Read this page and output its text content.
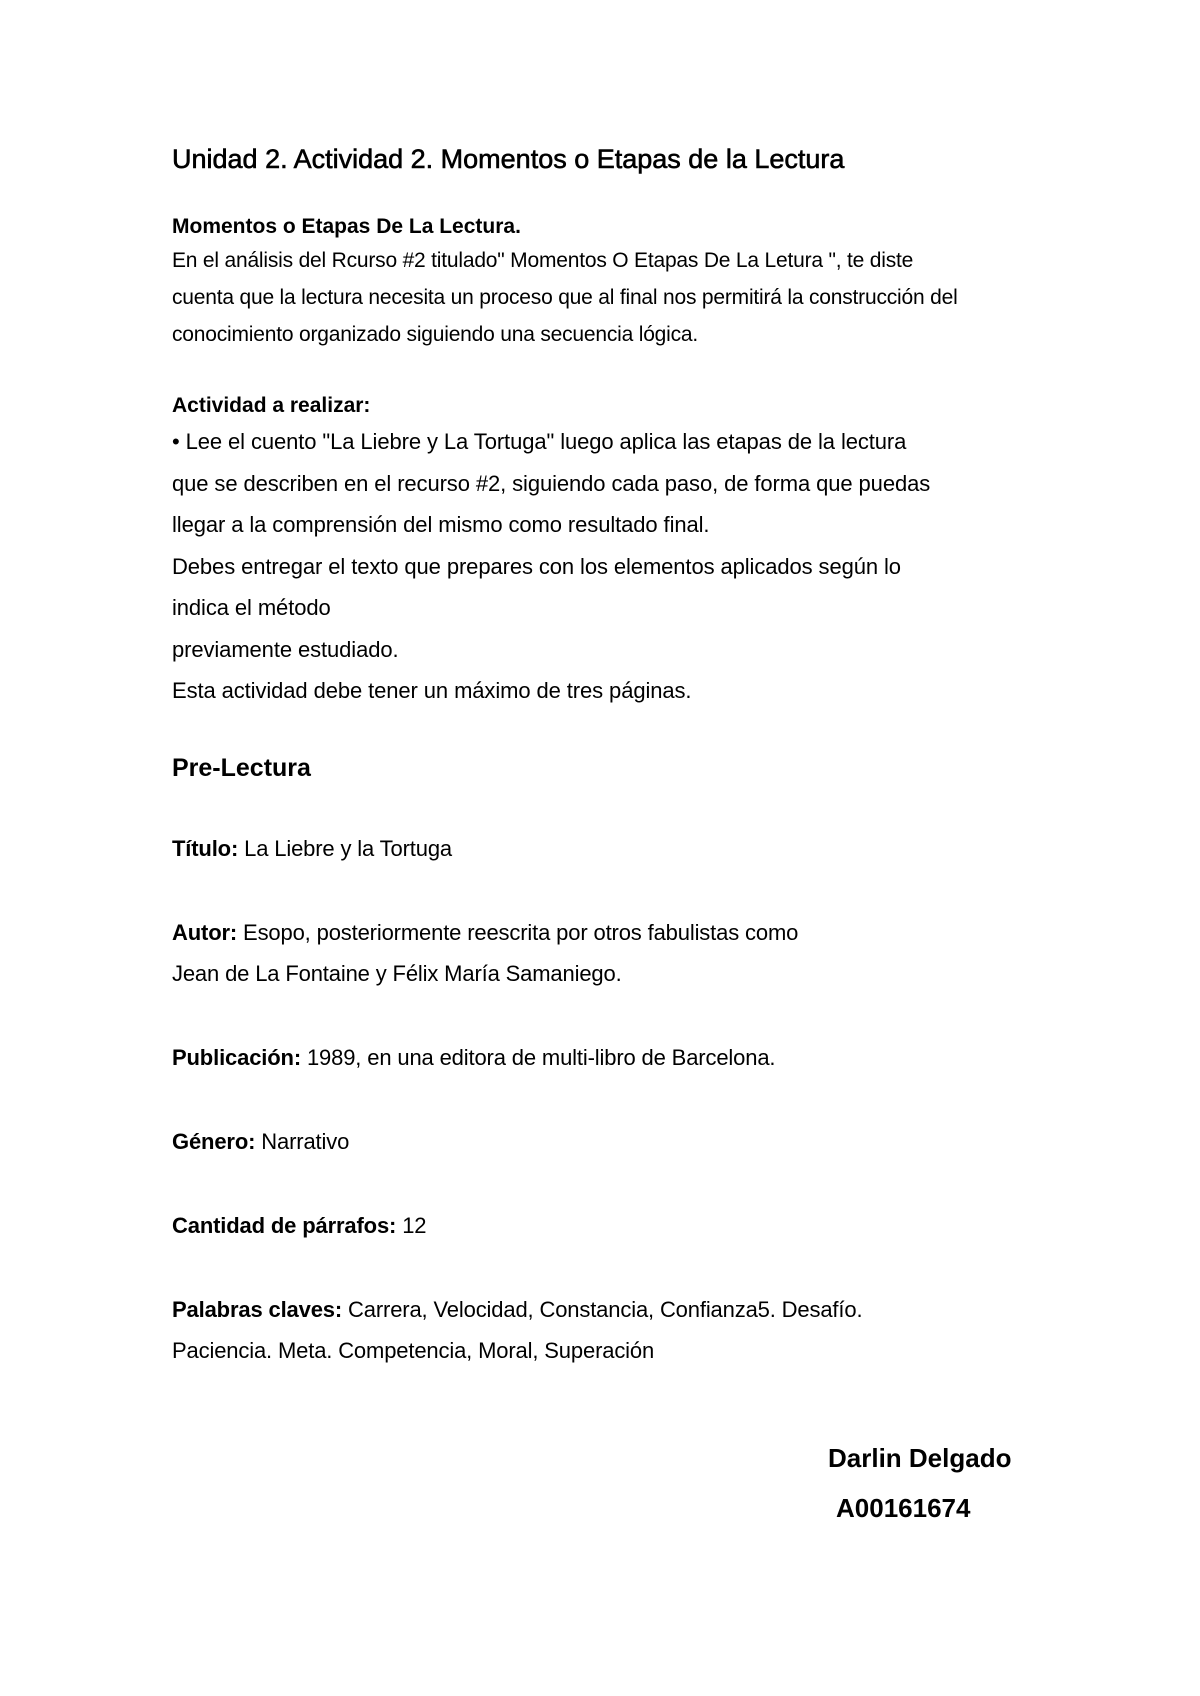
Unidad 2. Actividad 2. Momentos o Etapas de la Lectura
Momentos o Etapas De La Lectura.

En el análisis del Rcurso #2 titulado" Momentos O Etapas De La Letura ", te diste
cuenta que la lectura necesita un proceso que al final nos permitirá la construcción del
conocimiento organizado siguiendo una secuencia lógica.

Actividad a realizar:

• Lee el cuento "La Liebre y La Tortuga" luego aplica las etapas de la lectura
que se describen en el recurso #2, siguiendo cada paso, de forma que puedas
llegar a la comprensión del mismo como resultado final.
Debes entregar el texto que prepares con los elementos aplicados según lo
indica el método
previamente estudiado.
Esta actividad debe tener un máximo de tres páginas.

Pre-Lectura

Título: La Liebre y la Tortuga

Autor: Esopo, posteriormente reescrita por otros fabulistas como
Jean de La Fontaine y Félix María Samaniego.

Publicación: 1989, en una editora de multi-libro de Barcelona.

Género: Narrativo

Cantidad de párrafos: 12

Palabras claves: Carrera, Velocidad, Constancia, Confianza5. Desafío.
Paciencia. Meta. Competencia, Moral, Superación

Darlin Delgado
A00161674
